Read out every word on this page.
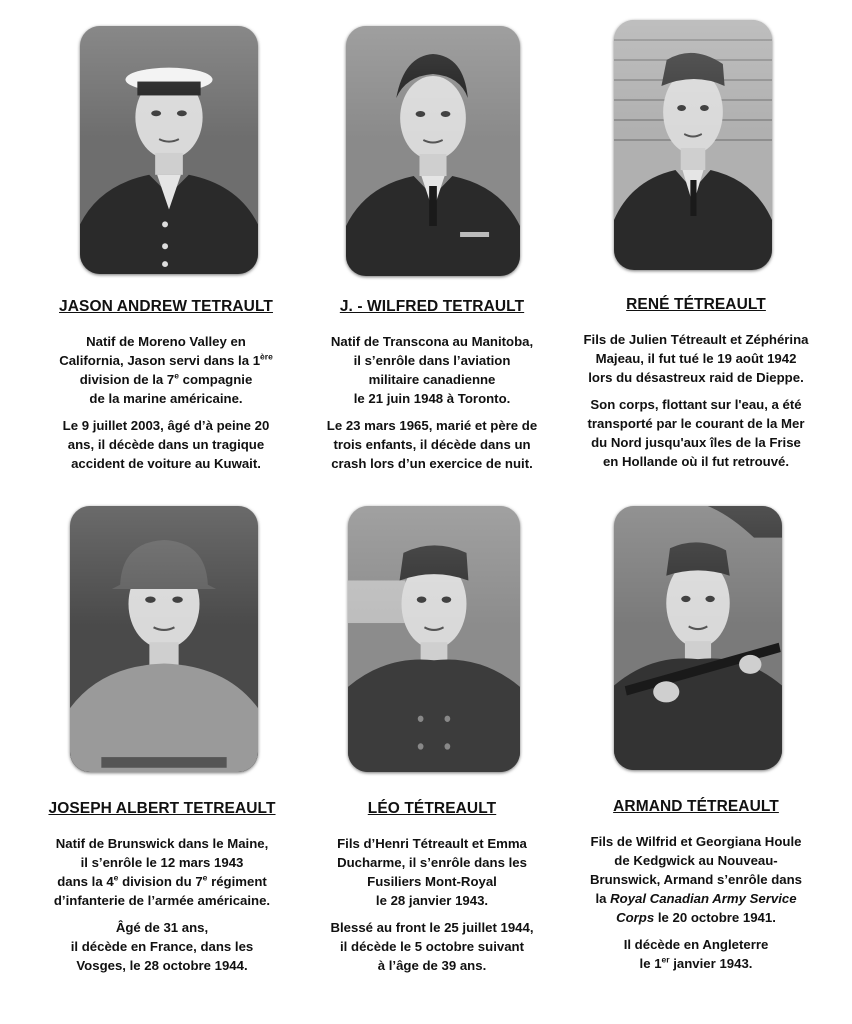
JASON ANDREW TETRAULT

Natif de Moreno Valley en
California, Jason servi dans la 1ère
division de la 7e compagnie
de la marine américaine.

Le 9 juillet 2003, âgé d’à peine 20
ans, il décède dans un tragique
accident de voiture au Kuwait.

J. - WILFRED TETRAULT

Natif de Transcona au Manitoba,
il s’enrôle dans l’aviation
militaire canadienne
le 21 juin 1948 à Toronto.

Le 23 mars 1965, marié et père de
trois enfants, il décède dans un
crash lors d’un exercice de nuit.

RENÉ TÉTREAULT

Fils de Julien Tétreault et Zéphérina
Majeau, il fut tué le 19 août 1942
lors du désastreux raid de Dieppe.

Son corps, flottant sur l'eau, a été
transporté par le courant de la Mer
du Nord jusqu'aux îles de la Frise
en Hollande où il fut retrouvé.

JOSEPH ALBERT TETREAULT

Natif de Brunswick dans le Maine,
il s’enrôle le 12 mars 1943
dans la 4e division du 7e régiment
d’infanterie de l’armée américaine.

Âgé de 31 ans,
il décède en France, dans les
Vosges, le 28 octobre 1944.

LÉO TÉTREAULT

Fils d’Henri Tétreault et Emma
Ducharme, il s’enrôle dans les
Fusiliers Mont-Royal
le 28 janvier 1943.

Blessé au front le 25 juillet 1944,
il décède le 5 octobre suivant
à l’âge de 39 ans.

ARMAND TÉTREAULT

Fils de Wilfrid et Georgiana Houle
de Kedgwick au Nouveau-
Brunswick, Armand s’enrôle dans
la Royal Canadian Army Service
Corps le 20 octobre 1941.

Il décède en Angleterre
le 1er janvier 1943.
